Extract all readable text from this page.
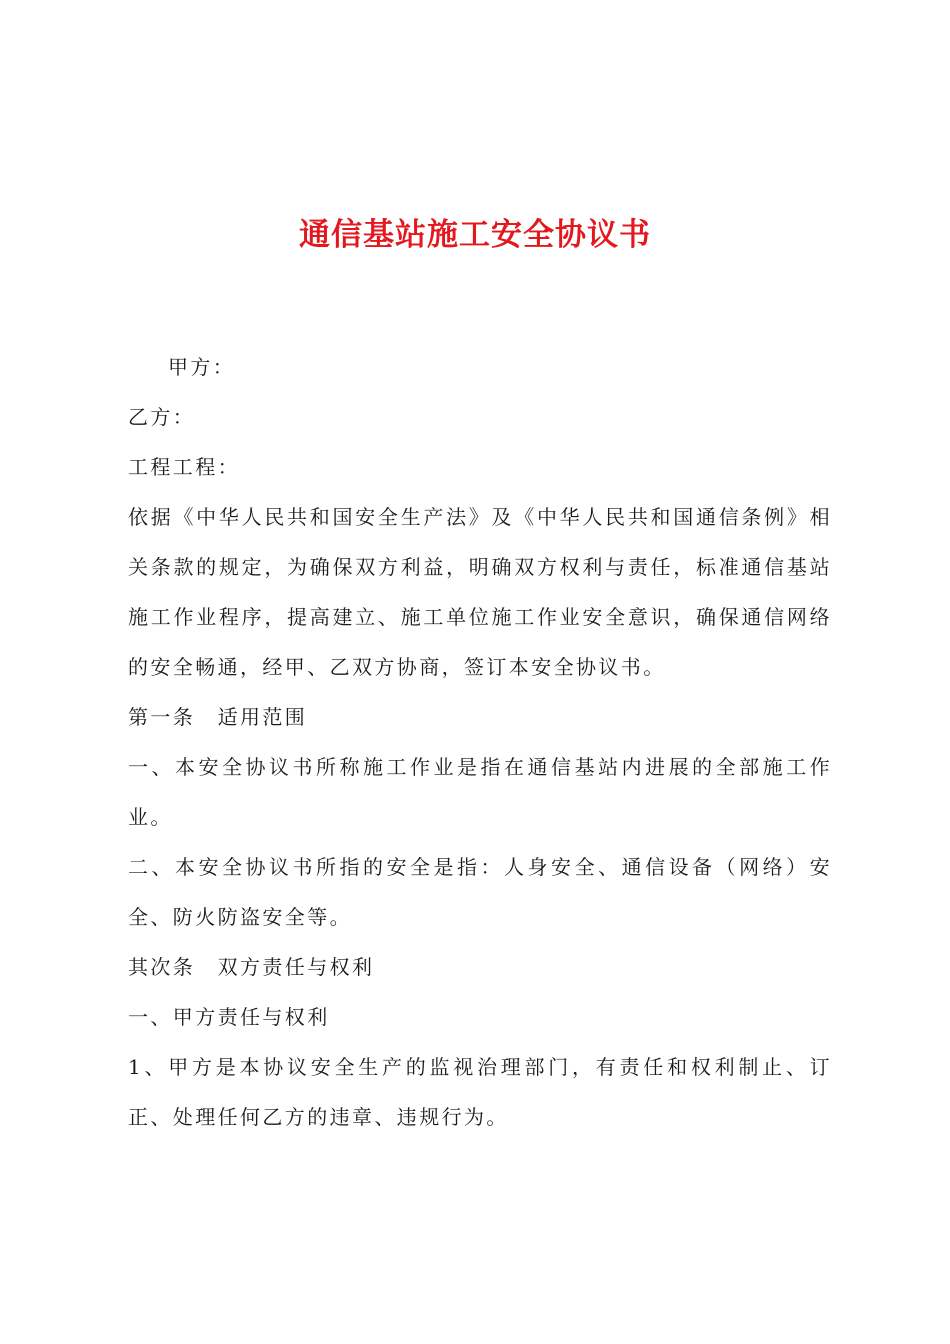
通信基站施工安全协议书

甲方：

乙方：

工程工程：

依据《中华人民共和国安全生产法》及《中华人民共和国通信条例》相关条款的规定，为确保双方利益，明确双方权利与责任，标准通信基站施工作业程序，提高建立、施工单位施工作业安全意识，确保通信网络的安全畅通，经甲、乙双方协商，签订本安全协议书。

第一条　适用范围

一、本安全协议书所称施工作业是指在通信基站内进展的全部施工作业。

二、本安全协议书所指的安全是指：人身安全、通信设备（网络）安全、防火防盗安全等。

其次条　双方责任与权利

一、甲方责任与权利

1、甲方是本协议安全生产的监视治理部门，有责任和权利制止、订正、处理任何乙方的违章、违规行为。
